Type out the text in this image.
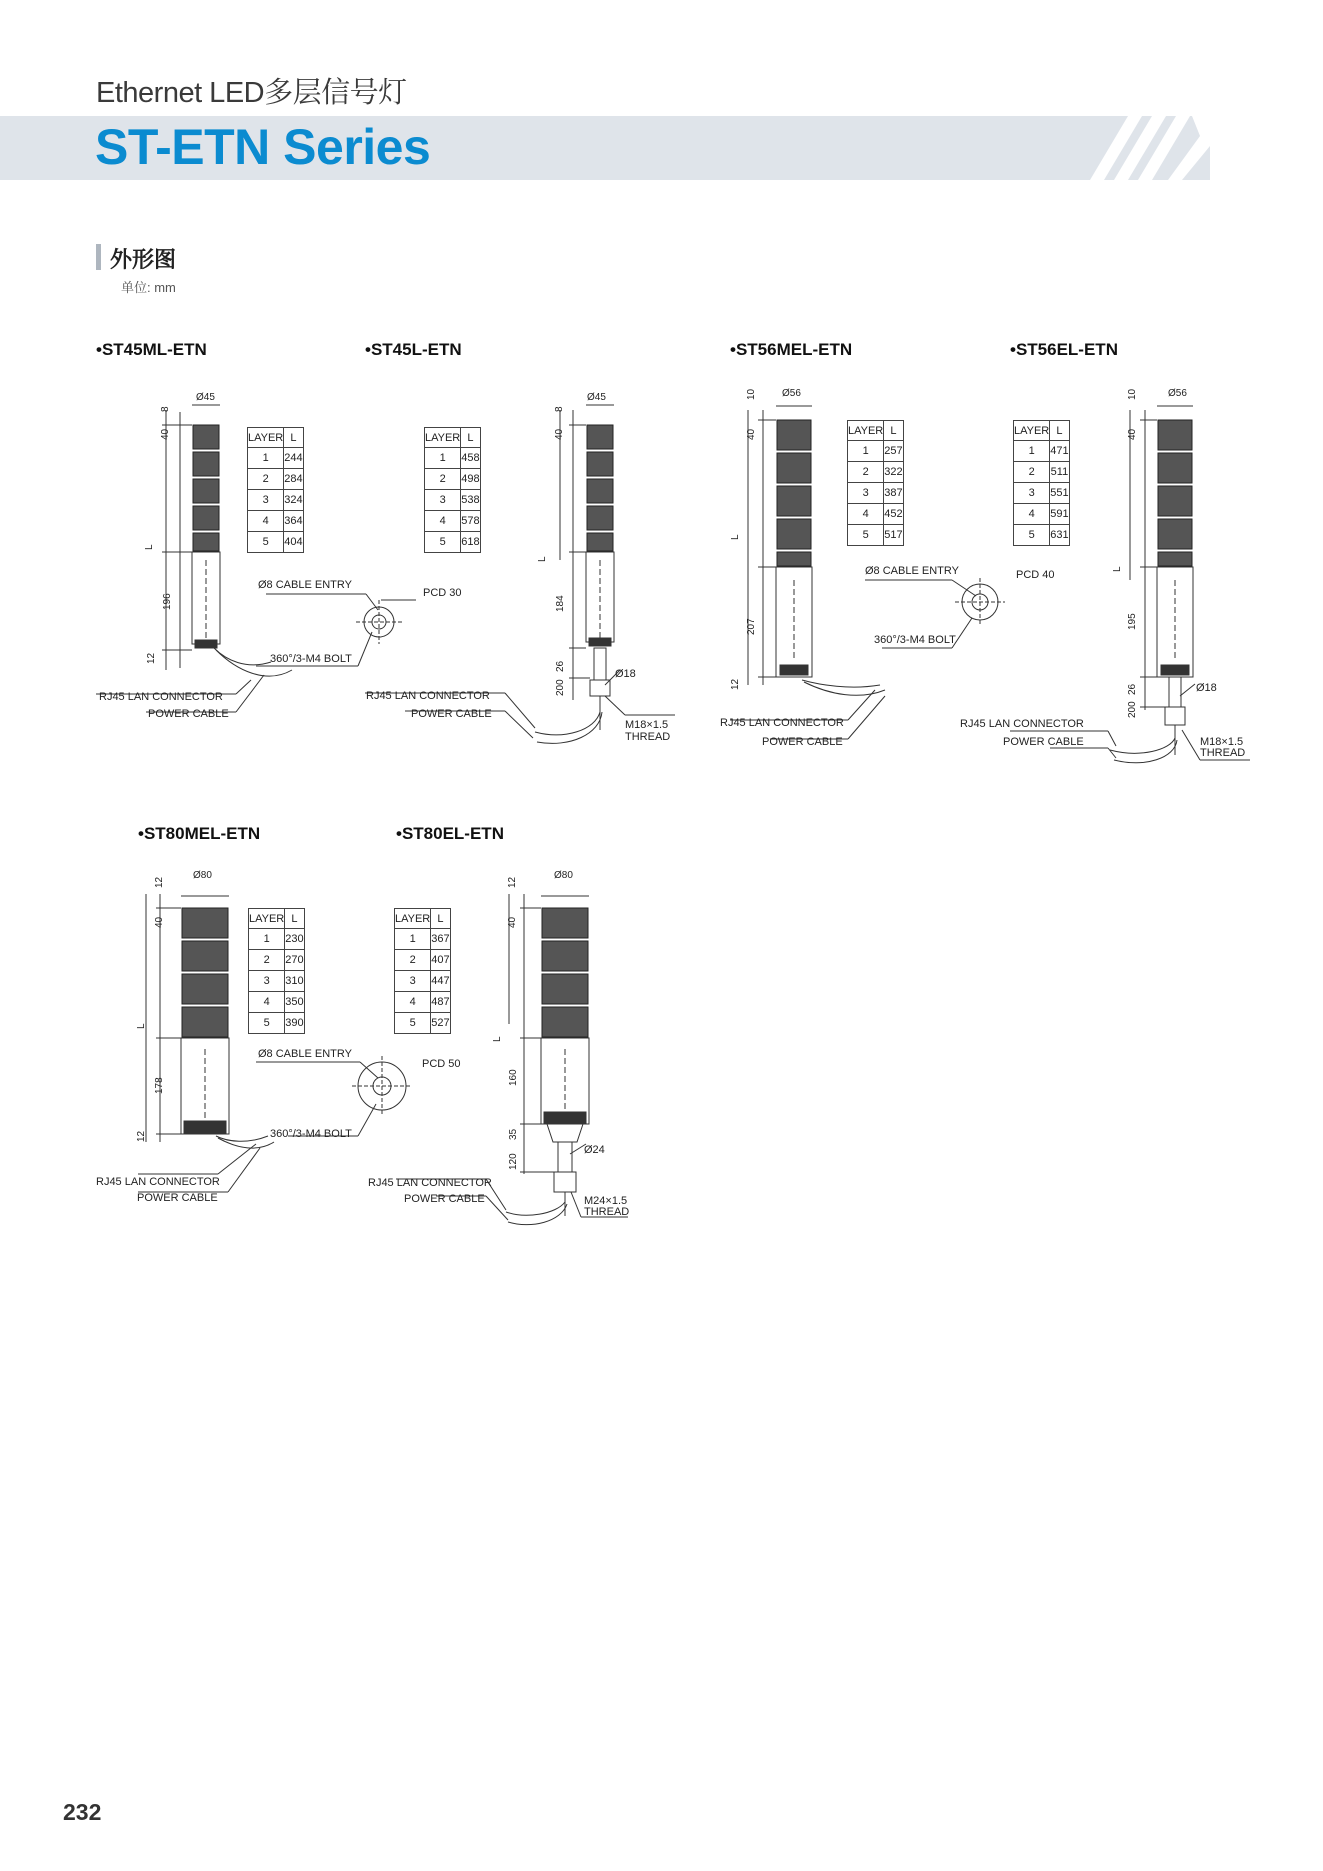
Ethernet LED多层信号灯
ST-ETN Series
外形图
单位: mm
•ST45ML-ETN
Ø45
8
40
L
196
12
Ø8 CABLE ENTRY
PCD 30
360°/3-M4 BOLT
RJ45 LAN CONNECTOR
POWER CABLE
LAYER	L
1	244
2	284
3	324
4	364
5	404
•ST45L-ETN
Ø45
8
40
L
184
26
200
Ø18
M18×1.5
THREAD
RJ45 LAN CONNECTOR
POWER CABLE
LAYER	L
1	458
2	498
3	538
4	578
5	618
•ST56MEL-ETN
Ø56
10
40
L
207
12
Ø8 CABLE ENTRY	PCD 40
360°/3-M4 BOLT
RJ45 LAN CONNECTOR
POWER CABLE
LAYER	L
1	257
2	322
3	387
4	452
5	517
•ST56EL-ETN
Ø56
10
40
L
195
26
200
Ø18
M18×1.5
THREAD
RJ45 LAN CONNECTOR
POWER CABLE
LAYER	L
1	471
2	511
3	551
4	591
5	631
•ST80MEL-ETN
Ø80
12
40
L
178
12
Ø8 CABLE ENTRY
PCD 50
360°/3-M4 BOLT
RJ45 LAN CONNECTOR
POWER CABLE
LAYER	L
1	230
2	270
3	310
4	350
5	390
•ST80EL-ETN
Ø80
12
40
L
160
35
120
Ø24
M24×1.5
THREAD
RJ45 LAN CONNECTOR
POWER CABLE
LAYER	L
1	367
2	407
3	447
4	487
5	527
232
